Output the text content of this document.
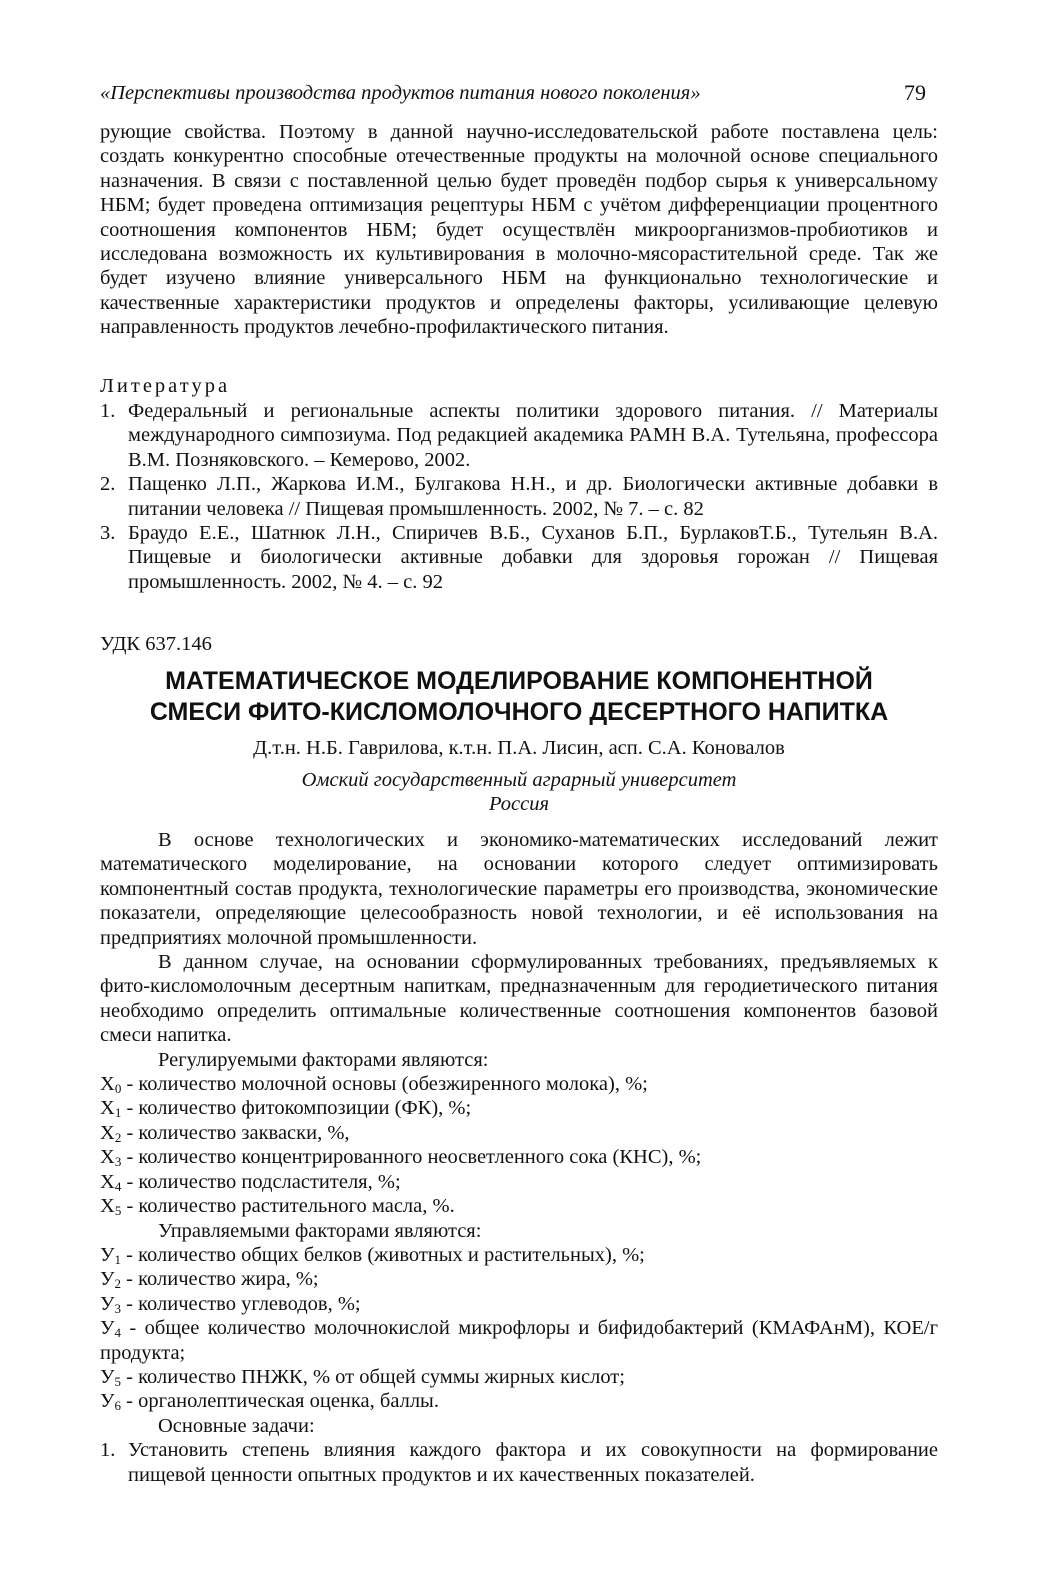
«Перспективы производства продуктов питания нового поколения»	79

рующие свойства. Поэтому в данной научно-исследовательской работе поставлена цель: создать конкурентно способные отечественные продукты на молочной основе специального назначения. В связи с поставленной целью будет проведён подбор сырья к универсальному НБМ; будет проведена оптимизация рецептуры НБМ с учётом дифференциации процентного соотношения компонентов НБМ; будет осуществлён микроорганизмов-пробиотиков и исследована возможность их культивирования в молочно-мясорастительной среде. Так же будет изучено влияние универсального НБМ на функционально технологические и качественные характеристики продуктов и определены факторы, усиливающие целевую направленность продуктов лечебно-профилактического питания.

Литература
1. Федеральный и региональные аспекты политики здорового питания. // Материалы международного симпозиума. Под редакцией академика РАМН В.А. Тутельяна, профессора В.М. Позняковского. – Кемерово, 2002.
2. Пащенко Л.П., Жаркова И.М., Булгакова Н.Н., и др. Биологически активные добавки в питании человека // Пищевая промышленность. 2002, № 7. – с. 82
3. Браудо Е.Е., Шатнюк Л.Н., Спиричев В.Б., Суханов Б.П., БурлаковТ.Б., Тутельян В.А. Пищевые и биологически активные добавки для здоровья горожан // Пищевая промышленность. 2002, № 4. – с. 92
УДК 637.146
МАТЕМАТИЧЕСКОЕ МОДЕЛИРОВАНИЕ КОМПОНЕНТНОЙ
СМЕСИ ФИТО-КИСЛОМОЛОЧНОГО ДЕСЕРТНОГО НАПИТКА
Д.т.н. Н.Б. Гаврилова, к.т.н. П.А. Лисин, асп. С.А. Коновалов
Омский государственный аграрный университет
Россия

В основе технологических и экономико-математических исследований лежит математического моделирование, на основании которого следует оптимизировать компонентный состав продукта, технологические параметры его производства, экономические показатели, определяющие целесообразность новой технологии, и её использования на предприятиях молочной промышленности.

В данном случае, на основании сформулированных требованиях, предъявляемых к фито-кисломолочным десертным напиткам, предназначенным для геродиетического питания необходимо определить оптимальные количественные соотношения компонентов базовой смеси напитка.

Регулируемыми факторами являются:

$X_0$ - количество молочной основы (обезжиренного молока), %;

$X_1$ - количество фитокомпозиции (ФК), %;

$X_2$ - количество закваски, %,

$X_3$ - количество концентрированного неосветленного сока (КНС), %;

$X_4$ - количество подсластителя, %;

$X_5$ - количество растительного масла, %.

Управляемыми факторами являются:

$У_1$ - количество общих белков (животных и растительных), %;

$У_2$ - количество жира, %;

$У_3$ - количество углеводов, %;

$У_4$ - общее количество молочнокислой микрофлоры и бифидобактерий (КМАФАнМ), КОЕ/г продукта;

$У_5$ - количество ПНЖК, % от общей суммы жирных кислот;

$У_6$ - органолептическая оценка, баллы.

Основные задачи:

1. Установить степень влияния каждого фактора и их совокупности на формирование пищевой ценности опытных продуктов и их качественных показателей.
